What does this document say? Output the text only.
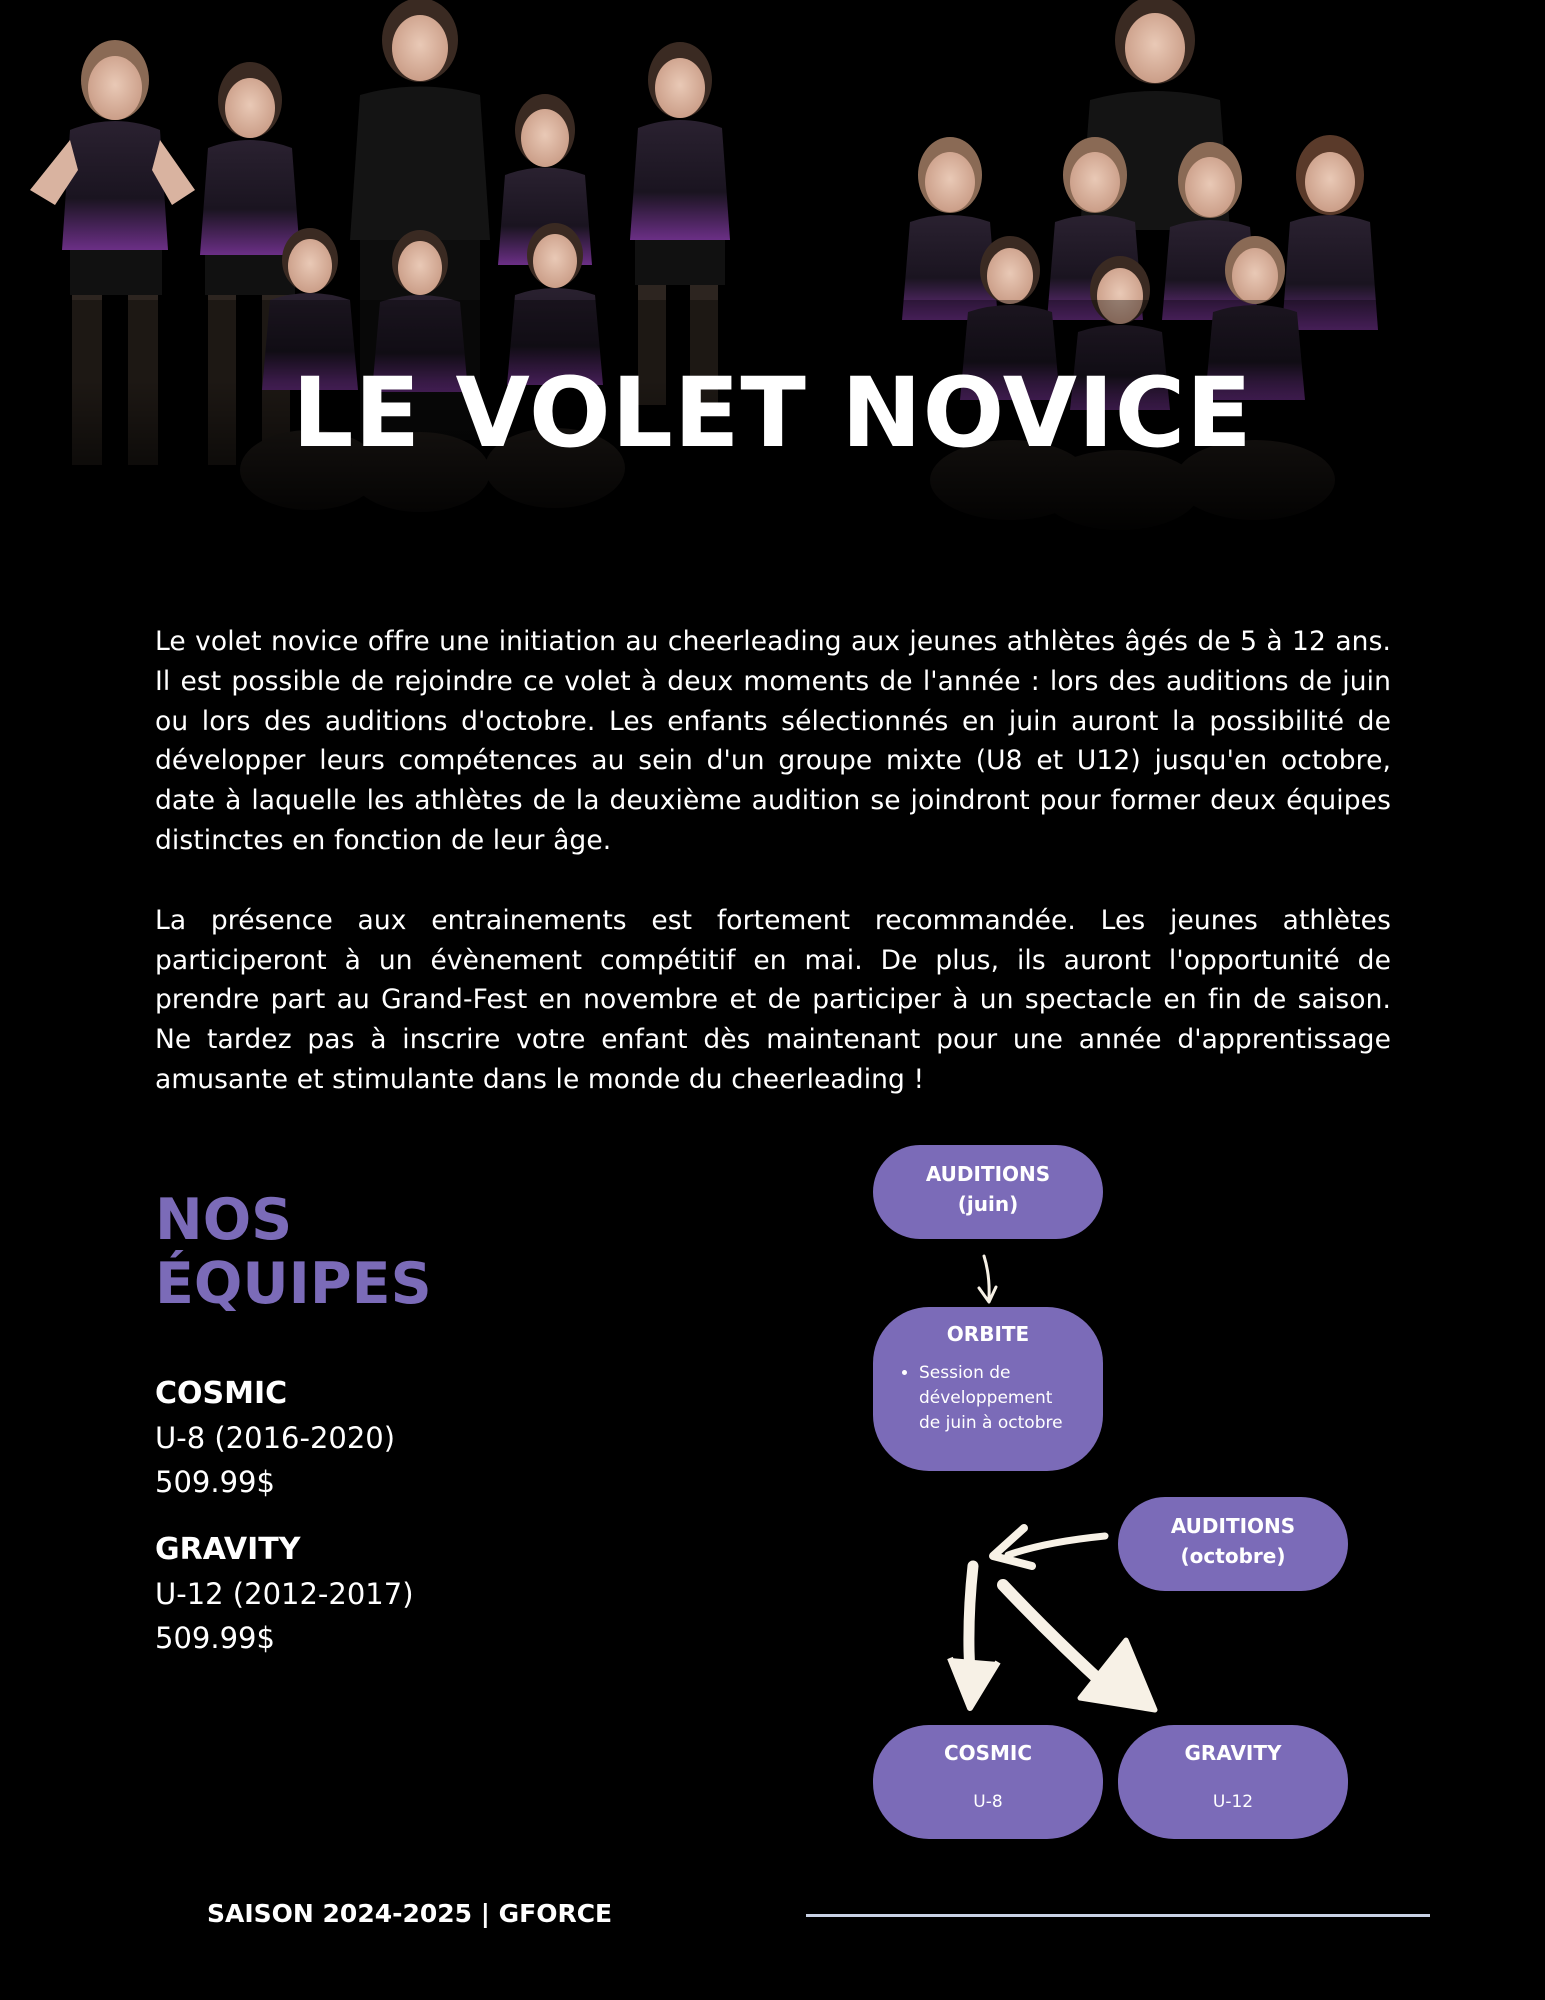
LE VOLET NOVICE

Le volet novice offre une initiation au cheerleading aux jeunes athlètes âgés de 5 à 12 ans. Il est possible de rejoindre ce volet à deux moments de l'année : lors des auditions de juin ou lors des auditions d'octobre. Les enfants sélectionnés en juin auront la possibilité de développer leurs compétences au sein d'un groupe mixte (U8 et U12) jusqu'en octobre, date à laquelle les athlètes de la deuxième audition se joindront pour former deux équipes distinctes en fonction de leur âge.

La présence aux entrainements est fortement recommandée. Les jeunes athlètes participeront à un évènement compétitif en mai. De plus, ils auront l'opportunité de prendre part au Grand-Fest en novembre et de participer à un spectacle en fin de saison. Ne tardez pas à inscrire votre enfant dès maintenant pour une année d'apprentissage amusante et stimulante dans le monde du cheerleading !

NOS
ÉQUIPES
COSMIC
U-8 (2016-2020)
509.99$
GRAVITY
U-12 (2012-2017)
509.99$
AUDITIONS
(juin)
ORBITE
• Session de
développement
de juin à octobre
AUDITIONS
(octobre)
COSMIC
U-8
GRAVITY
U-12
SAISON 2024-2025 | GFORCE
